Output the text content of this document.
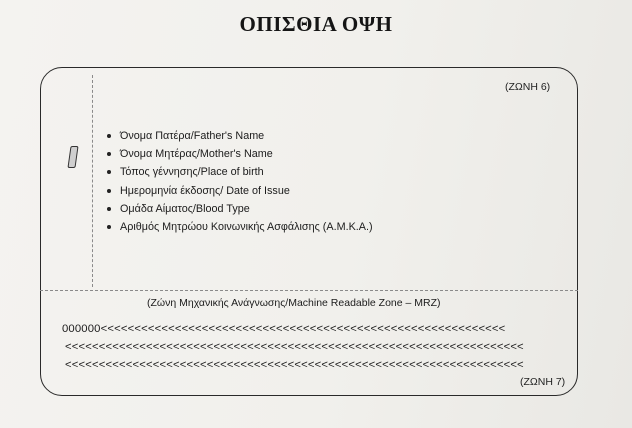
ΟΠΙΣΘΙΑ ΟΨΗ
(ΖΩΝΗ 6)
Όνομα Πατέρα/Father's Name
Όνομα Μητέρας/Mother's Name
Τόπος γέννησης/Place of birth
Ημερομηνία έκδοσης/ Date of Issue
Ομάδα Αίματος/Blood Type
Αριθμός Μητρώου Κοινωνικής Ασφάλισης (Α.Μ.Κ.Α.)
(Ζώνη Μηχανικής Ανάγνωσης/Machine Readable Zone – MRZ)
000000<<<<<<<<<<<<<<<<<<<<<<<<<<<<<<<<<<<<<<<<<<<<<<<<<<<<<<<<<<<<
<<<<<<<<<<<<<<<<<<<<<<<<<<<<<<<<<<<<<<<<<<<<<<<<<<<<<<<<<<<<<<<<<<<<
<<<<<<<<<<<<<<<<<<<<<<<<<<<<<<<<<<<<<<<<<<<<<<<<<<<<<<<<<<<<<<<<<<<<
(ΖΩΝΗ 7)
